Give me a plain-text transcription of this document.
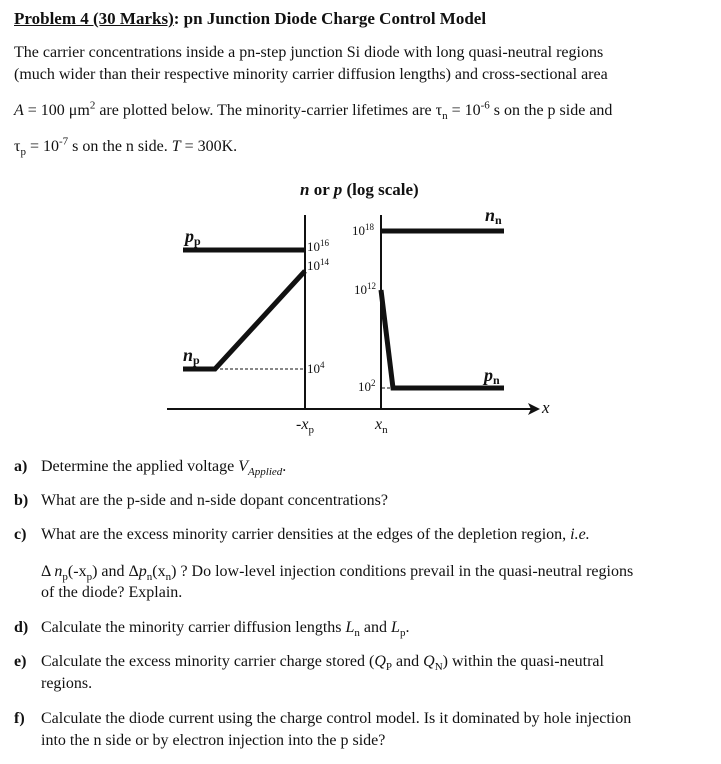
Problem 4 (30 Marks): pn Junction Diode Charge Control Model
The carrier concentrations inside a pn-step junction Si diode with long quasi-neutral regions
(much wider than their respective minority carrier diffusion lengths) and cross-sectional area
A = 100 $\mu m^2$ are plotted below. The minority-carrier lifetimes are $\tau_n = 10^{-6}$ s on the p side and
$\tau_p = 10^{-7}$ s on the n side. T = 300K.
n or p (log scale)
$p_p$
$n_p$
$n_n$
$p_n$
$10^{16}$
$10^{14}$
$10^4$
$10^{18}$
$10^{12}$
$10^2$
$-x_p$	$x_n$
x
a) Determine the applied voltage $V_{Applied}$.
b) What are the p-side and n-side dopant concentrations?
c) What are the excess minority carrier densities at the edges of the depletion region, i.e.
Δ $n_p(-x_p)$ and $\Delta p_n(x_n)$ ? Do low-level injection conditions prevail in the quasi-neutral regions
of the diode? Explain.
d) Calculate the minority carrier diffusion lengths $L_n$ and $L_p$.
e) Calculate the excess minority carrier charge stored ($Q_P$ and $Q_N$) within the quasi-neutral
regions.
f) Calculate the diode current using the charge control model. Is it dominated by hole injection
into the n side or by electron injection into the p side?
